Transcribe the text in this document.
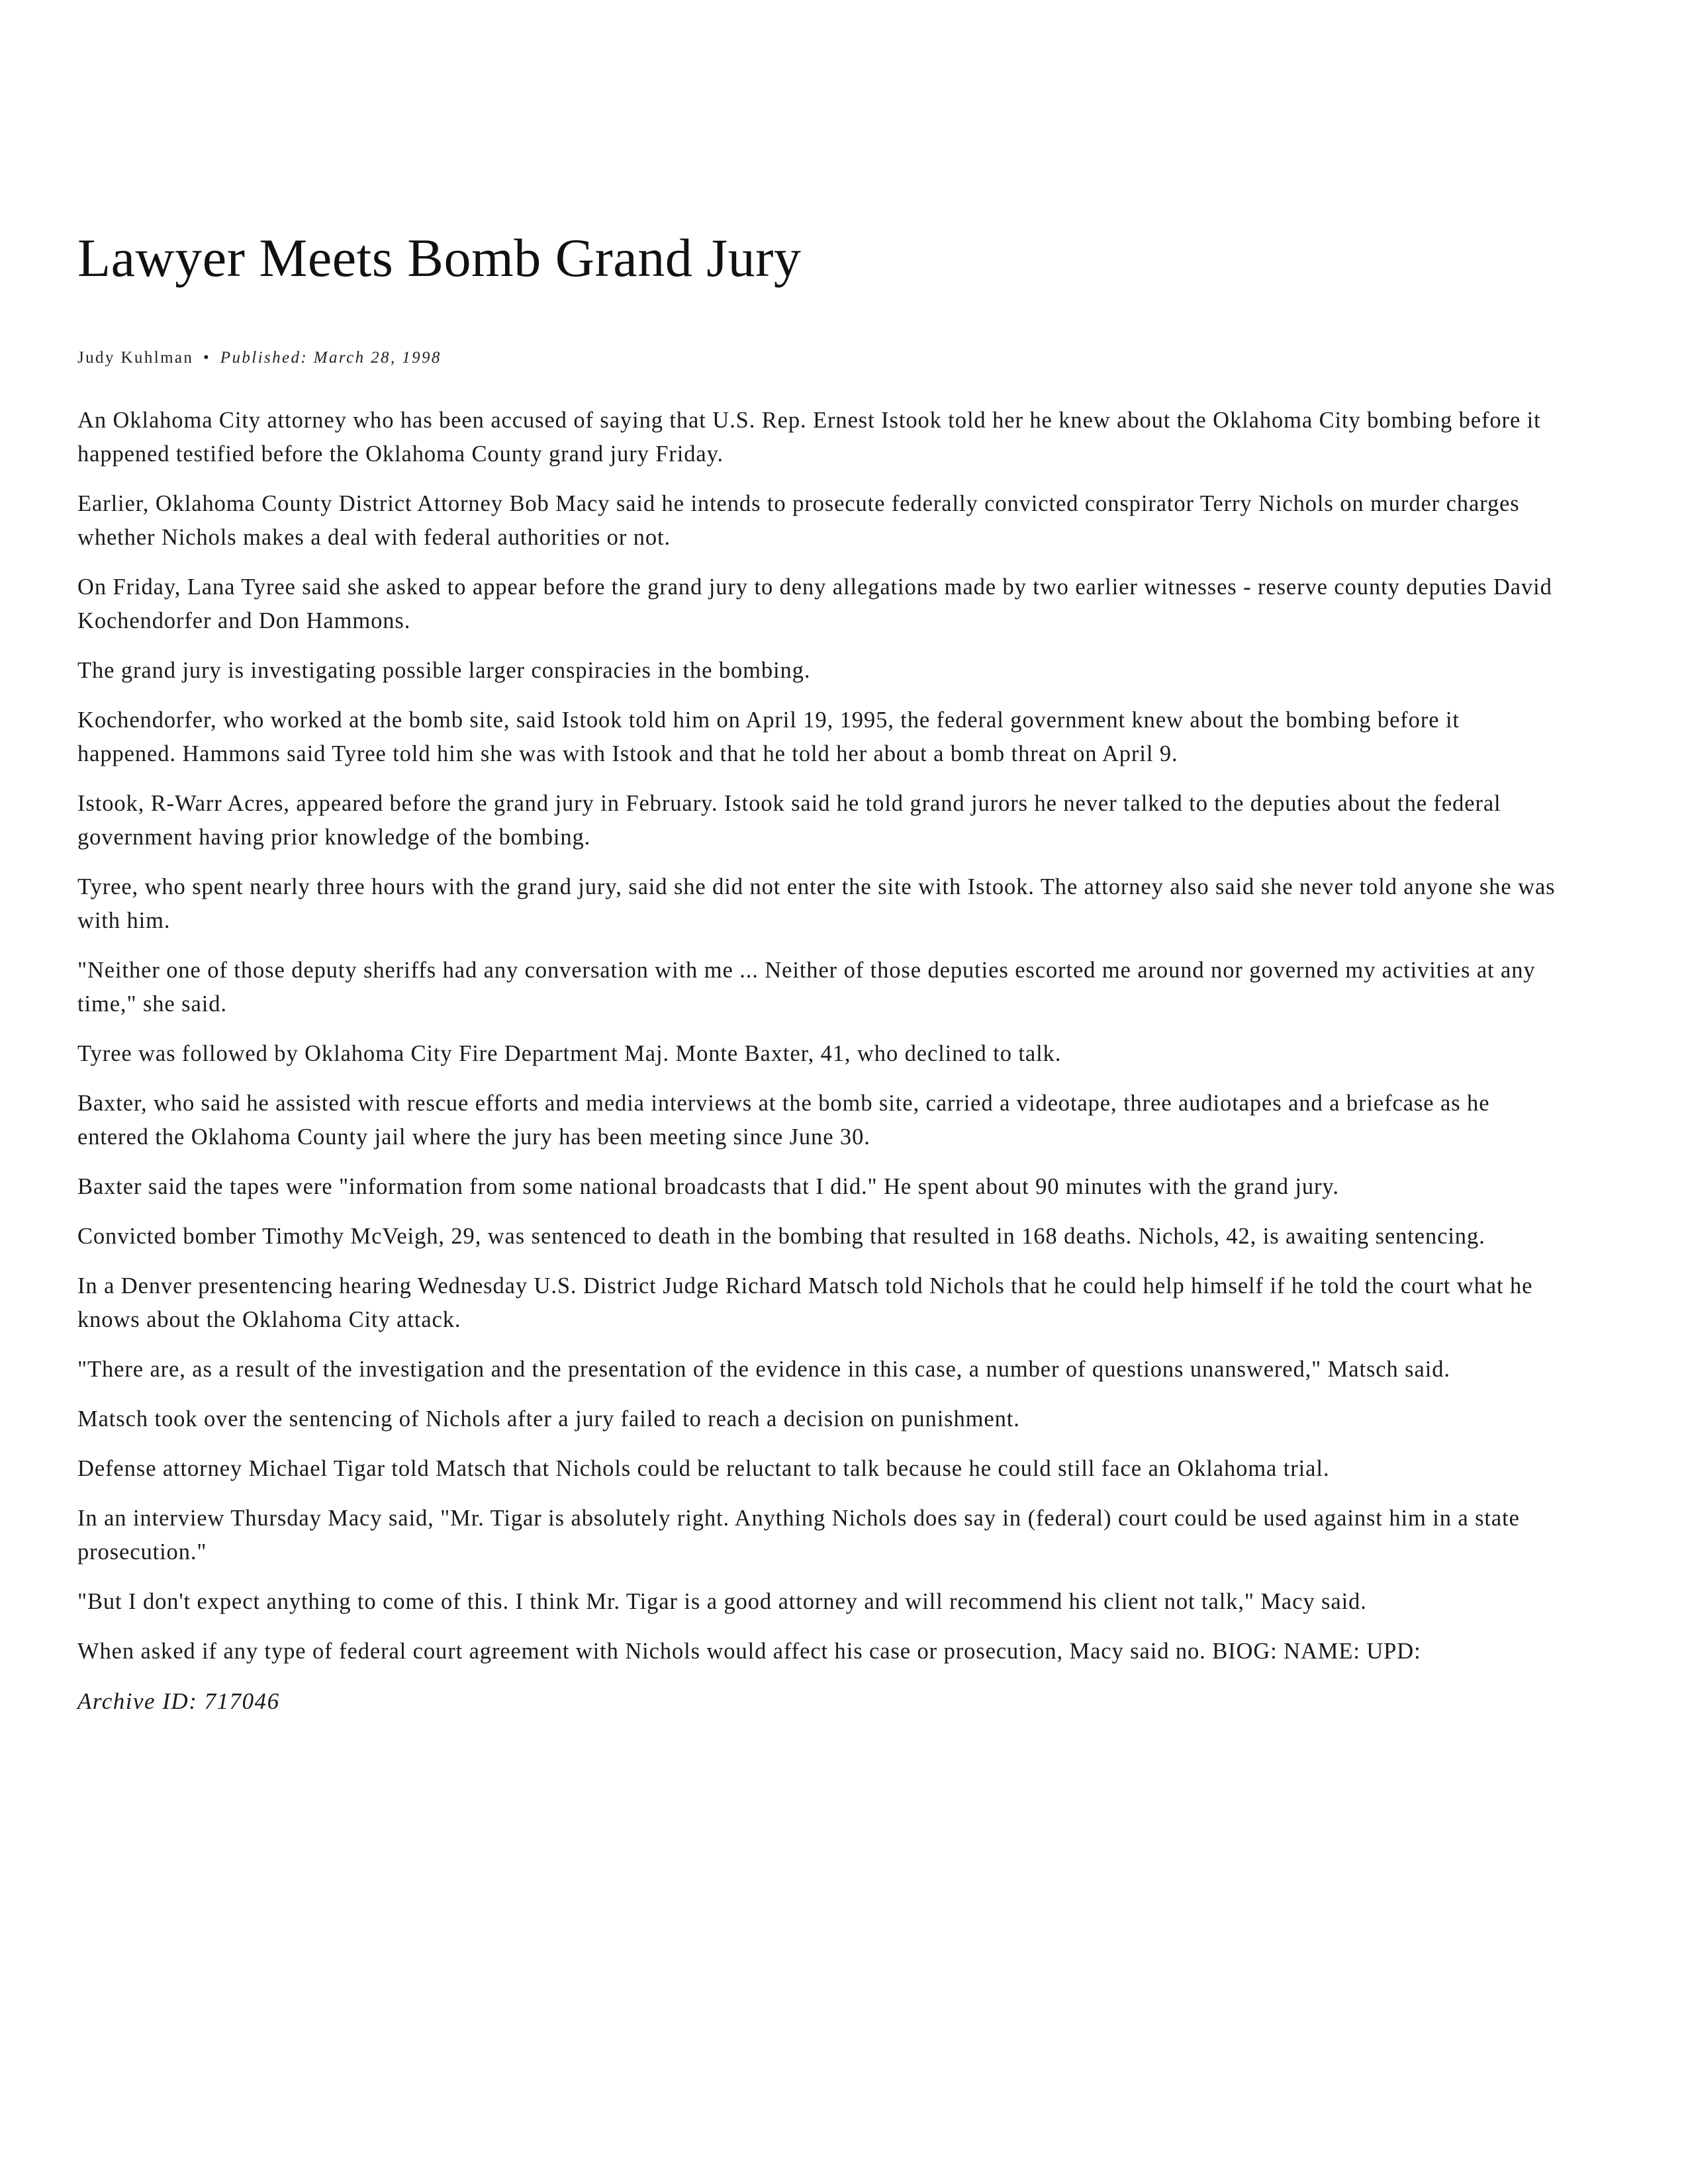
Lawyer Meets Bomb Grand Jury
Judy Kuhlman • Published: March 28, 1998

An Oklahoma City attorney who has been accused of saying that U.S. Rep. Ernest Istook told her he knew about the Oklahoma City bombing before it happened testified before the Oklahoma County grand jury Friday.

Earlier, Oklahoma County District Attorney Bob Macy said he intends to prosecute federally convicted conspirator Terry Nichols on murder charges whether Nichols makes a deal with federal authorities or not.

On Friday, Lana Tyree said she asked to appear before the grand jury to deny allegations made by two earlier witnesses - reserve county deputies David Kochendorfer and Don Hammons.

The grand jury is investigating possible larger conspiracies in the bombing.

Kochendorfer, who worked at the bomb site, said Istook told him on April 19, 1995, the federal government knew about the bombing before it happened. Hammons said Tyree told him she was with Istook and that he told her about a bomb threat on April 9.

Istook, R-Warr Acres, appeared before the grand jury in February. Istook said he told grand jurors he never talked to the deputies about the federal government having prior knowledge of the bombing.

Tyree, who spent nearly three hours with the grand jury, said she did not enter the site with Istook. The attorney also said she never told anyone she was with him.

"Neither one of those deputy sheriffs had any conversation with me ... Neither of those deputies escorted me around nor governed my activities at any time," she said.

Tyree was followed by Oklahoma City Fire Department Maj. Monte Baxter, 41, who declined to talk.

Baxter, who said he assisted with rescue efforts and media interviews at the bomb site, carried a videotape, three audiotapes and a briefcase as he entered the Oklahoma County jail where the jury has been meeting since June 30.

Baxter said the tapes were "information from some national broadcasts that I did." He spent about 90 minutes with the grand jury.

Convicted bomber Timothy McVeigh, 29, was sentenced to death in the bombing that resulted in 168 deaths. Nichols, 42, is awaiting sentencing.

In a Denver presentencing hearing Wednesday U.S. District Judge Richard Matsch told Nichols that he could help himself if he told the court what he knows about the Oklahoma City attack.

"There are, as a result of the investigation and the presentation of the evidence in this case, a number of questions unanswered," Matsch said.

Matsch took over the sentencing of Nichols after a jury failed to reach a decision on punishment.

Defense attorney Michael Tigar told Matsch that Nichols could be reluctant to talk because he could still face an Oklahoma trial.

In an interview Thursday Macy said, "Mr. Tigar is absolutely right. Anything Nichols does say in (federal) court could be used against him in a state prosecution."

"But I don't expect anything to come of this. I think Mr. Tigar is a good attorney and will recommend his client not talk," Macy said.

When asked if any type of federal court agreement with Nichols would affect his case or prosecution, Macy said no. BIOG: NAME: UPD:

Archive ID: 717046
